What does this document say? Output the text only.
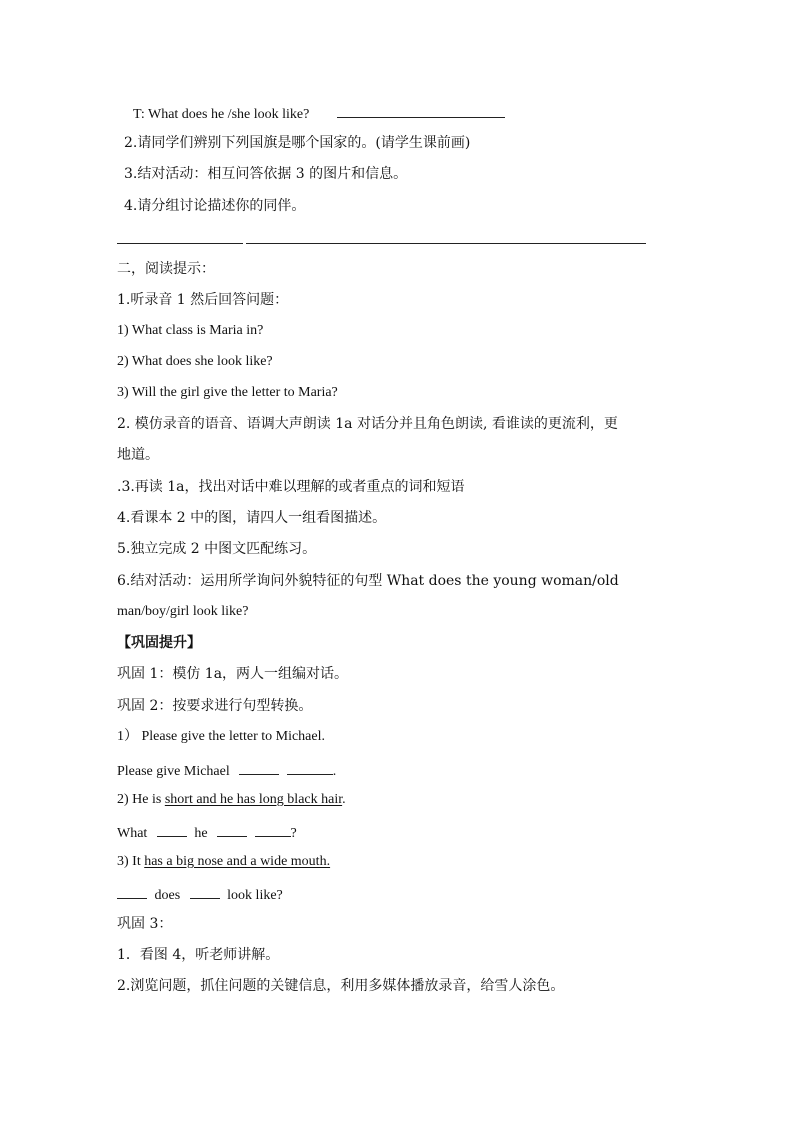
T: What does he /she look like?
2.请同学们辨别下列国旗是哪个国家的。(请学生课前画)
3.结对活动：相互问答依据 3 的图片和信息。
4.请分组讨论描述你的同伴。
二，阅读提示：
1.听录音 1 然后回答问题：
1) What class is Maria in?
2) What does she look like?
3) Will the girl give the letter to Maria?
2. 模仿录音的语音、语调大声朗读 1a 对话分并且角色朗读, 看谁读的更流利，更
地道。
.3.再读 1a，找出对话中难以理解的或者重点的词和短语
4.看课本 2 中的图，请四人一组看图描述。
5.独立完成 2 中图文匹配练习。
6.结对活动：运用所学询问外貌特征的句型 What does the young woman/old
man/boy/girl look like?
【巩固提升】
巩固 1：模仿 1a，两人一组编对话。
巩固 2：按要求进行句型转换。
1） Please give the letter to Michael.
Please give Michael	.
2) He is short and he has long black hair.
What	he	?
3) It has a big nose and a wide mouth.
does	look like?
巩固 3：
1．看图 4，听老师讲解。
2.浏览问题，抓住问题的关键信息，利用多媒体播放录音，给雪人涂色。
